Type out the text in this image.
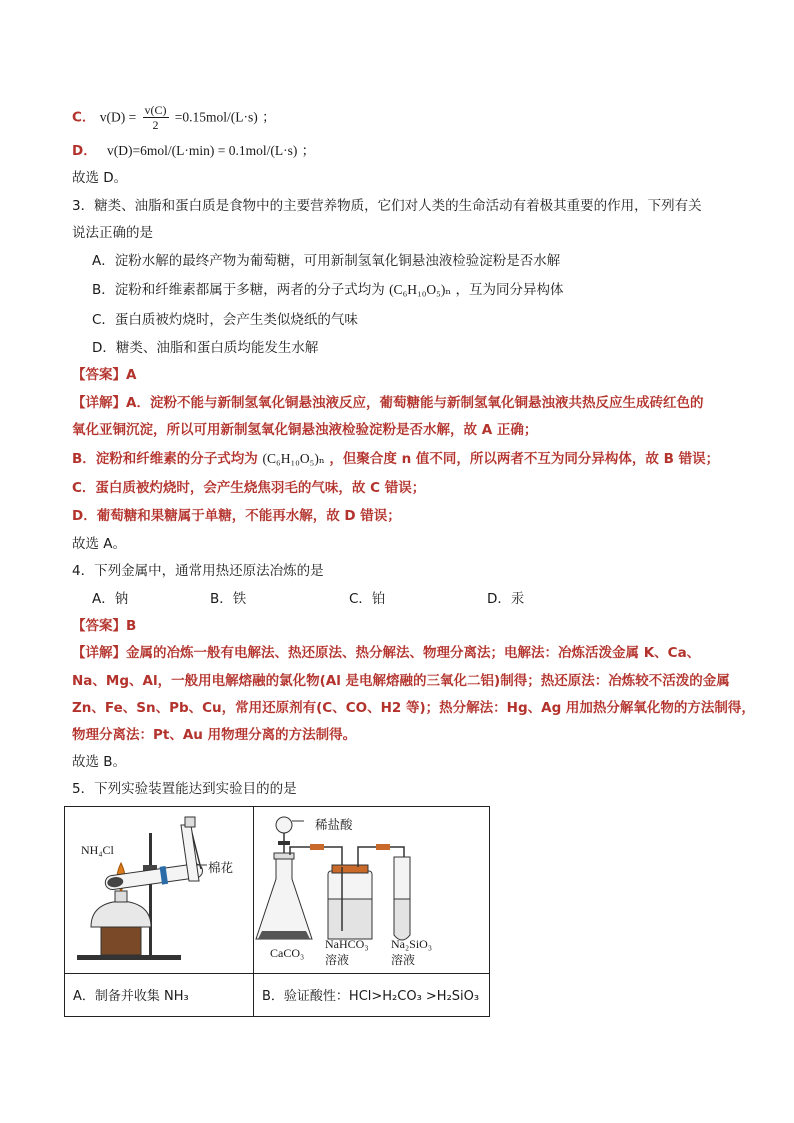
C． $v(D) = \frac{v(C)}{2} =0.15mol/(L\cdot s)$ ；
D． v(D)=6mol/(L·min) = 0.1mol/(L·s) ；
故选 D。
3．糖类、油脂和蛋白质是食物中的主要营养物质，它们对人类的生命活动有着极其重要的作用，下列有关
说法正确的是
A．淀粉水解的最终产物为葡萄糖，可用新制氢氧化铜悬浊液检验淀粉是否水解
B．淀粉和纤维素都属于多糖，两者的分子式均为 (C₆H₁₀O₅)ₙ ，互为同分异构体
C．蛋白质被灼烧时，会产生类似烧纸的气味
D．糖类、油脂和蛋白质均能发生水解
【答案】A
【详解】A．淀粉不能与新制氢氧化铜悬浊液反应，葡萄糖能与新制氢氧化铜悬浊液共热反应生成砖红色的
氧化亚铜沉淀，所以可用新制氢氧化铜悬浊液检验淀粉是否水解，故 A 正确；
B．淀粉和纤维素的分子式均为 (C₆H₁₀O₅)ₙ ，但聚合度 n 值不同，所以两者不互为同分异构体，故 B 错误；
C．蛋白质被灼烧时，会产生烧焦羽毛的气味，故 C 错误；
D．葡萄糖和果糖属于单糖，不能再水解，故 D 错误；
故选 A。
4．下列金属中，通常用热还原法冶炼的是
A．钠	B．铁	C．铂	D．汞
【答案】B
【详解】金属的冶炼一般有电解法、热还原法、热分解法、物理分离法；电解法：冶炼活泼金属 K、Ca、
Na、Mg、Al，一般用电解熔融的氯化物(Al 是电解熔融的三氧化二铝)制得；热还原法：冶炼较不活泼的金属
Zn、Fe、Sn、Pb、Cu，常用还原剂有(C、CO、H2 等)；热分解法：Hg、Ag 用加热分解氧化物的方法制得，
物理分离法：Pt、Au 用物理分离的方法制得。
故选 B。
5．下列实验装置能达到实验目的的是
NH₄Cl
棉花
稀盐酸
CaCO₃
NaHCO₃
溶液
Na₂SiO₃
溶液
A．制备并收集 NH₃	B．验证酸性：HCl>H₂CO₃ >H₂SiO₃
